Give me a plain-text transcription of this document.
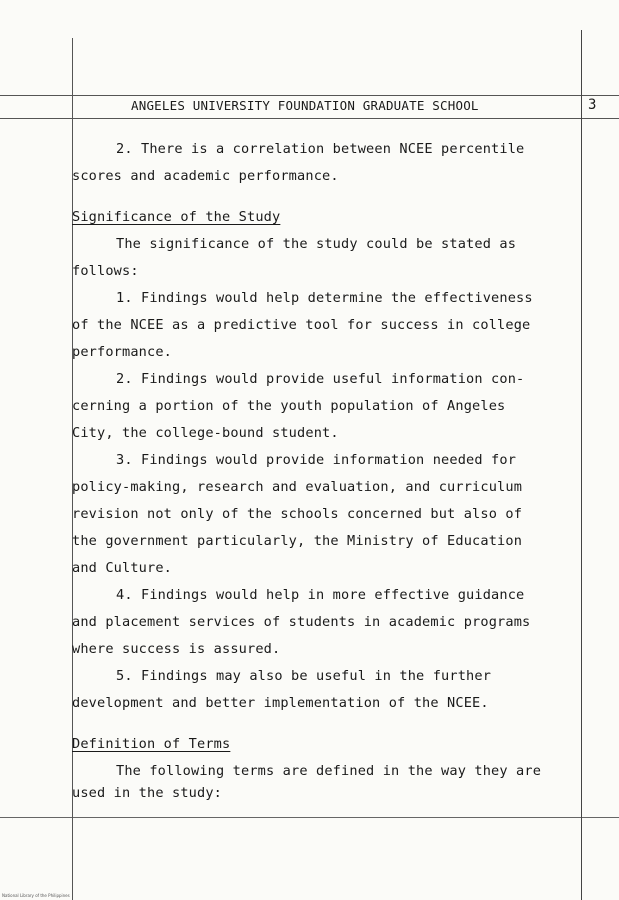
ANGELES UNIVERSITY FOUNDATION GRADUATE SCHOOL	3
2. There is a correlation between NCEE percentile
scores and academic performance.
Significance of the Study
The significance of the study could be stated as
follows:
1. Findings would help determine the effectiveness
of the NCEE as a predictive tool for success in college
performance.
2. Findings would provide useful information con-
cerning a portion of the youth population of Angeles
City, the college-bound student.
3. Findings would provide information needed for
policy-making, research and evaluation, and curriculum
revision not only of the schools concerned but also of
the government particularly, the Ministry of Education
and Culture.
4. Findings would help in more effective guidance
and placement services of students in academic programs
where success is assured.
5. Findings may also be useful in the further
development and better implementation of the NCEE.
Definition of Terms
The following terms are defined in the way they are
used in the study:
National Library of the Philippines
